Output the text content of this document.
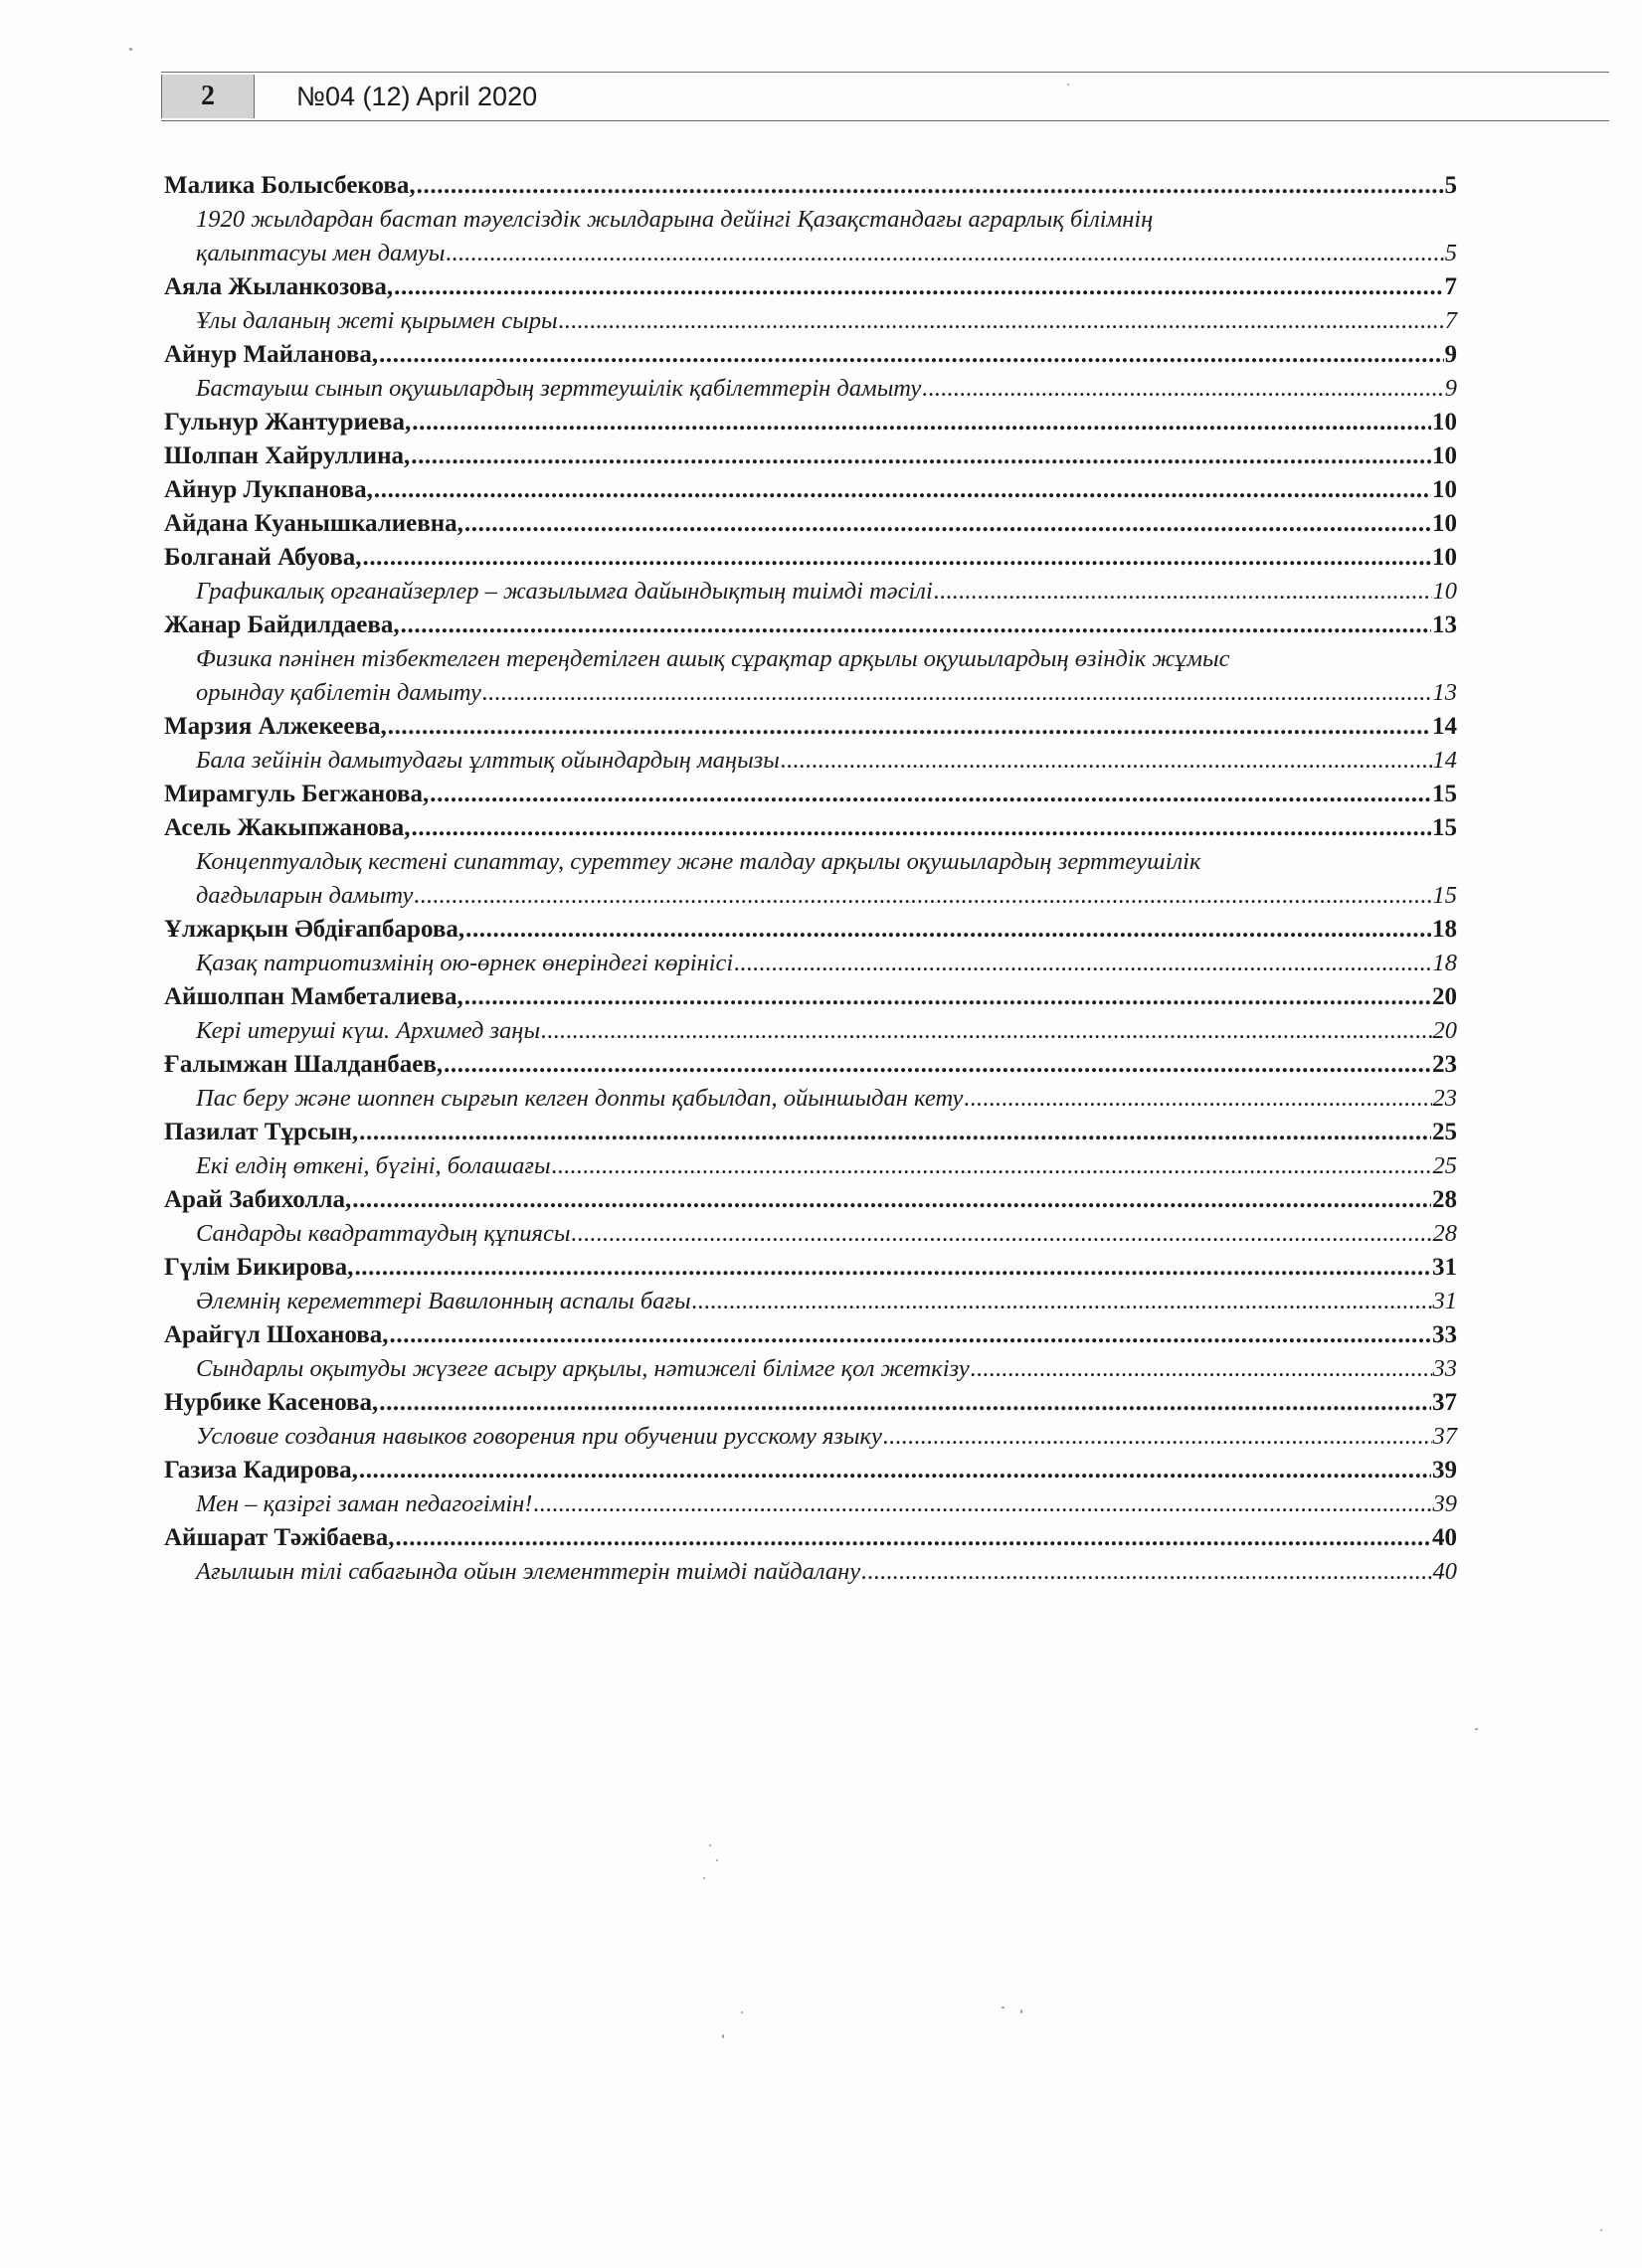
2	№04 (12) April 2020
Малика Болысбекова, .....	5
1920 жылдардан бастап тәуелсіздік жылдарына дейінгі Қазақстандағы аграрлық білімнің
қалыптасуы мен дамуы .....	5
Аяла Жыланкозова, .....	7
Ұлы даланың жеті қырымен сыры .....	7
Айнур Майланова, .....	9
Бастауыш сынып оқушылардың зерттеушілік қабілеттерін дамыту .....	9
Гульнур Жантуриева, .....	10
Шолпан Хайруллина, .....	10
Айнур Лукпанова, .....	10
Айдана Куанышкалиевна, .....	10
Болганай Абуова, .....	10
Графикалық органайзерлер – жазылымға дайындықтың тиімді тәсілі .....	10
Жанар Байдилдаева, .....	13
Физика пәнінен тізбектелген тереңдетілген ашық сұрақтар арқылы оқушылардың өзіндік жұмыс
орындау қабілетін дамыту .....	13
Марзия Алжекеева, .....	14
Бала зейінін дамытудағы ұлттық ойындардың маңызы .....	14
Мирамгуль Бегжанова, .....	15
Асель Жакыпжанова, .....	15
Концептуалдық кестені сипаттау, суреттеу және талдау арқылы оқушылардың зерттеушілік
дағдыларын дамыту .....	15
Ұлжарқын Әбдіғапбарова, .....	18
Қазақ патриотизмінің ою-өрнек өнеріндегі көрінісі .....	18
Айшолпан Мамбеталиева, .....	20
Кері итеруші күш. Архимед заңы .....	20
Ғалымжан Шалданбаев, .....	23
Пас беру және шоппен сырғып келген допты қабылдап, ойыншыдан кету .....	23
Пазилат Тұрсын, .....	25
Екі елдің өткені, бүгіні, болашағы .....	25
Арай Забихолла, .....	28
Сандарды квадраттаудың құпиясы .....	28
Гүлім Бикирова, .....	31
Әлемнің кереметтері Вавилонның аспалы бағы .....	31
Арайгүл Шоханова, .....	33
Сындарлы оқытуды жүзеге асыру арқылы, нәтижелі білімге қол жеткізу .....	33
Нурбике Касенова, .....	37
Условие создания навыков говорения при обучении русскому языку .....	37
Газиза Кадирова, .....	39
Мен – қазіргі заман педагогімін! .....	39
Айшарат Тәжібаева, .....	40
Ағылшын тілі сабағында ойын элементтерін тиімді пайдалану .....	40
